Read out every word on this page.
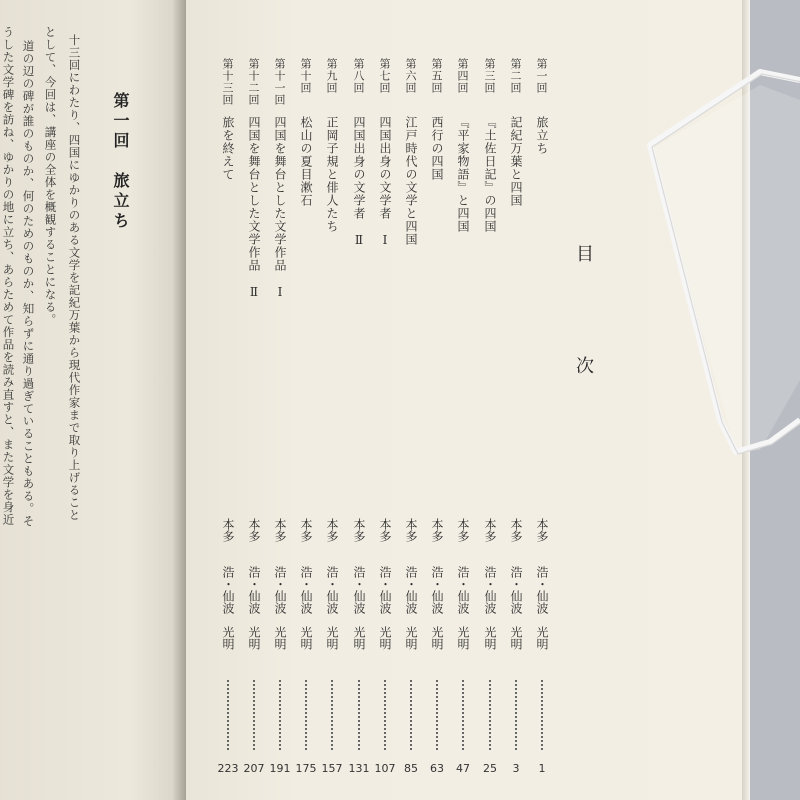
第一回　旅立ち
十三回にわたり、四国にゆかりのある文学を記紀万葉から現代作家まで取り上げること
として、今回は、講座の全体を概観することになる。
道の辺の碑が誰のものか、何のためのものか、知らずに通り過ぎていることもある。そ
うした文学碑を訪ね、ゆかりの地に立ち、あらためて作品を読み直すと、また文学を身近	目
次
第一回
旅立ち
本多
浩・仙波　光明
1
第二回
記紀万葉と四国
本多
浩・仙波　光明
3
第三回
『土佐日記』の四国
本多
浩・仙波　光明
25
第四回
『平家物語』と四国
本多
浩・仙波　光明
47
第五回
西行の四国
本多
浩・仙波　光明
63
第六回
江戸時代の文学と四国
本多
浩・仙波　光明
85
第七回
四国出身の文学者　Ⅰ
本多
浩・仙波　光明
107
第八回
四国出身の文学者　Ⅱ
本多
浩・仙波　光明
131
第九回
正岡子規と俳人たち
本多
浩・仙波　光明
157
第十回
松山の夏目漱石
本多
浩・仙波　光明
175
第十一回
四国を舞台とした文学作品　Ⅰ
本多
浩・仙波　光明
191
第十二回
四国を舞台とした文学作品　Ⅱ
本多
浩・仙波　光明
207
第十三回
旅を終えて
本多
浩・仙波　光明
223
